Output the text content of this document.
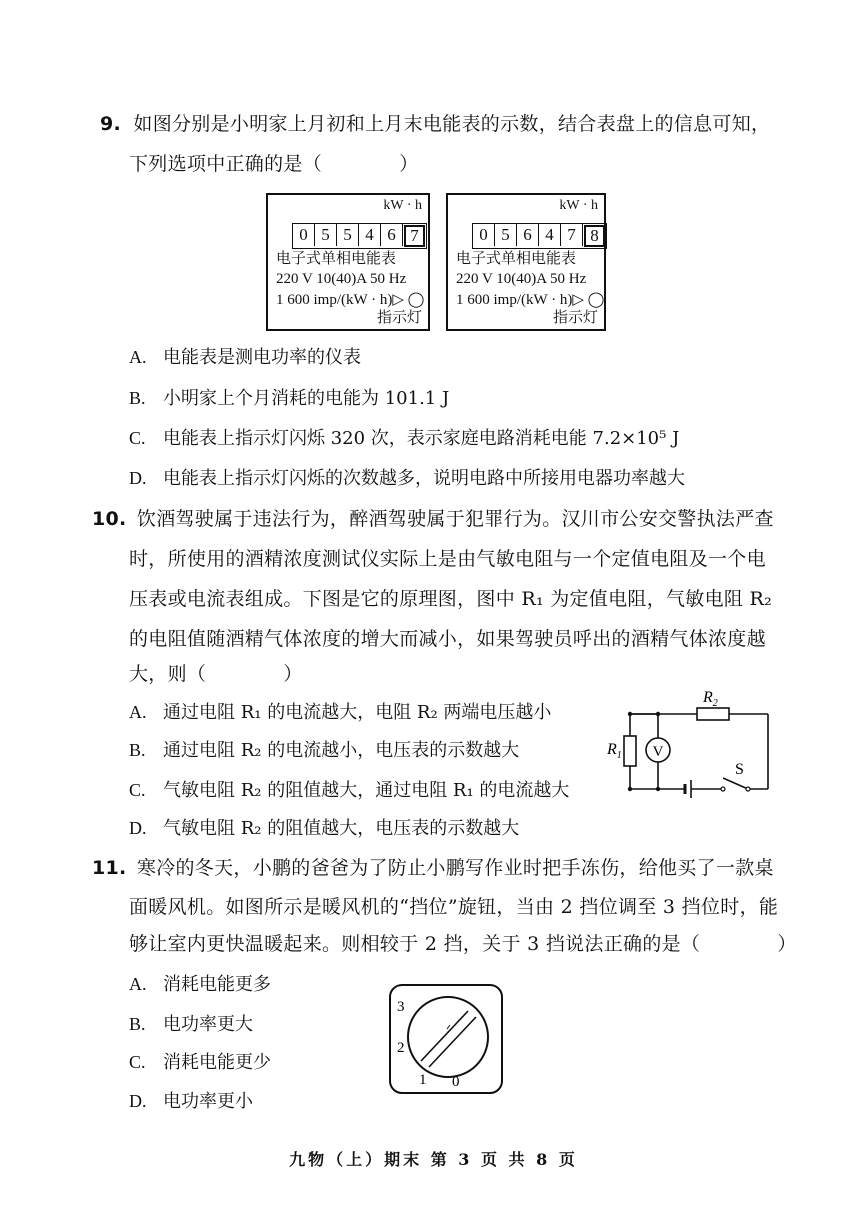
9. 如图分别是小明家上月初和上月末电能表的示数，结合表盘上的信息可知，
下列选项中正确的是（　　　　）
kW · h
0 5 5 4 6 7
电子式单相电能表
220 V 10(40)A 50 Hz
1 600 imp/(kW · h)▷ ◯
指示灯
kW · h
0 5 6 4 7 8
电子式单相电能表
220 V 10(40)A 50 Hz
1 600 imp/(kW · h)▷ ◯
指示灯
A. 电能表是测电功率的仪表
B. 小明家上个月消耗的电能为 101.1 J
C. 电能表上指示灯闪烁 320 次，表示家庭电路消耗电能 7.2×10⁵ J
D. 电能表上指示灯闪烁的次数越多，说明电路中所接用电器功率越大
10. 饮酒驾驶属于违法行为，醉酒驾驶属于犯罪行为。汉川市公安交警执法严查
时，所使用的酒精浓度测试仪实际上是由气敏电阻与一个定值电阻及一个电
压表或电流表组成。下图是它的原理图，图中 R₁ 为定值电阻，气敏电阻 R₂
的电阻值随酒精气体浓度的增大而减小，如果驾驶员呼出的酒精气体浓度越
大，则（　　　　）
A. 通过电阻 R₁ 的电流越大，电阻 R₂ 两端电压越小
B. 通过电阻 R₂ 的电流越小，电压表的示数越大
C. 气敏电阻 R₂ 的阻值越大，通过电阻 R₁ 的电流越大
D. 气敏电阻 R₂ 的阻值越大，电压表的示数越大
V
$R_2$
$R_1$
S
11. 寒冷的冬天，小鹏的爸爸为了防止小鹏写作业时把手冻伤，给他买了一款桌
面暖风机。如图所示是暖风机的“挡位”旋钮，当由 2 挡位调至 3 挡位时，能
够让室内更快温暖起来。则相较于 2 挡，关于 3 挡说法正确的是（　　　　）
A. 消耗电能更多
B. 电功率更大
C. 消耗电能更少
D. 电功率更小
3
2
1 0
九物（上）期末 第 3 页 共 8 页
